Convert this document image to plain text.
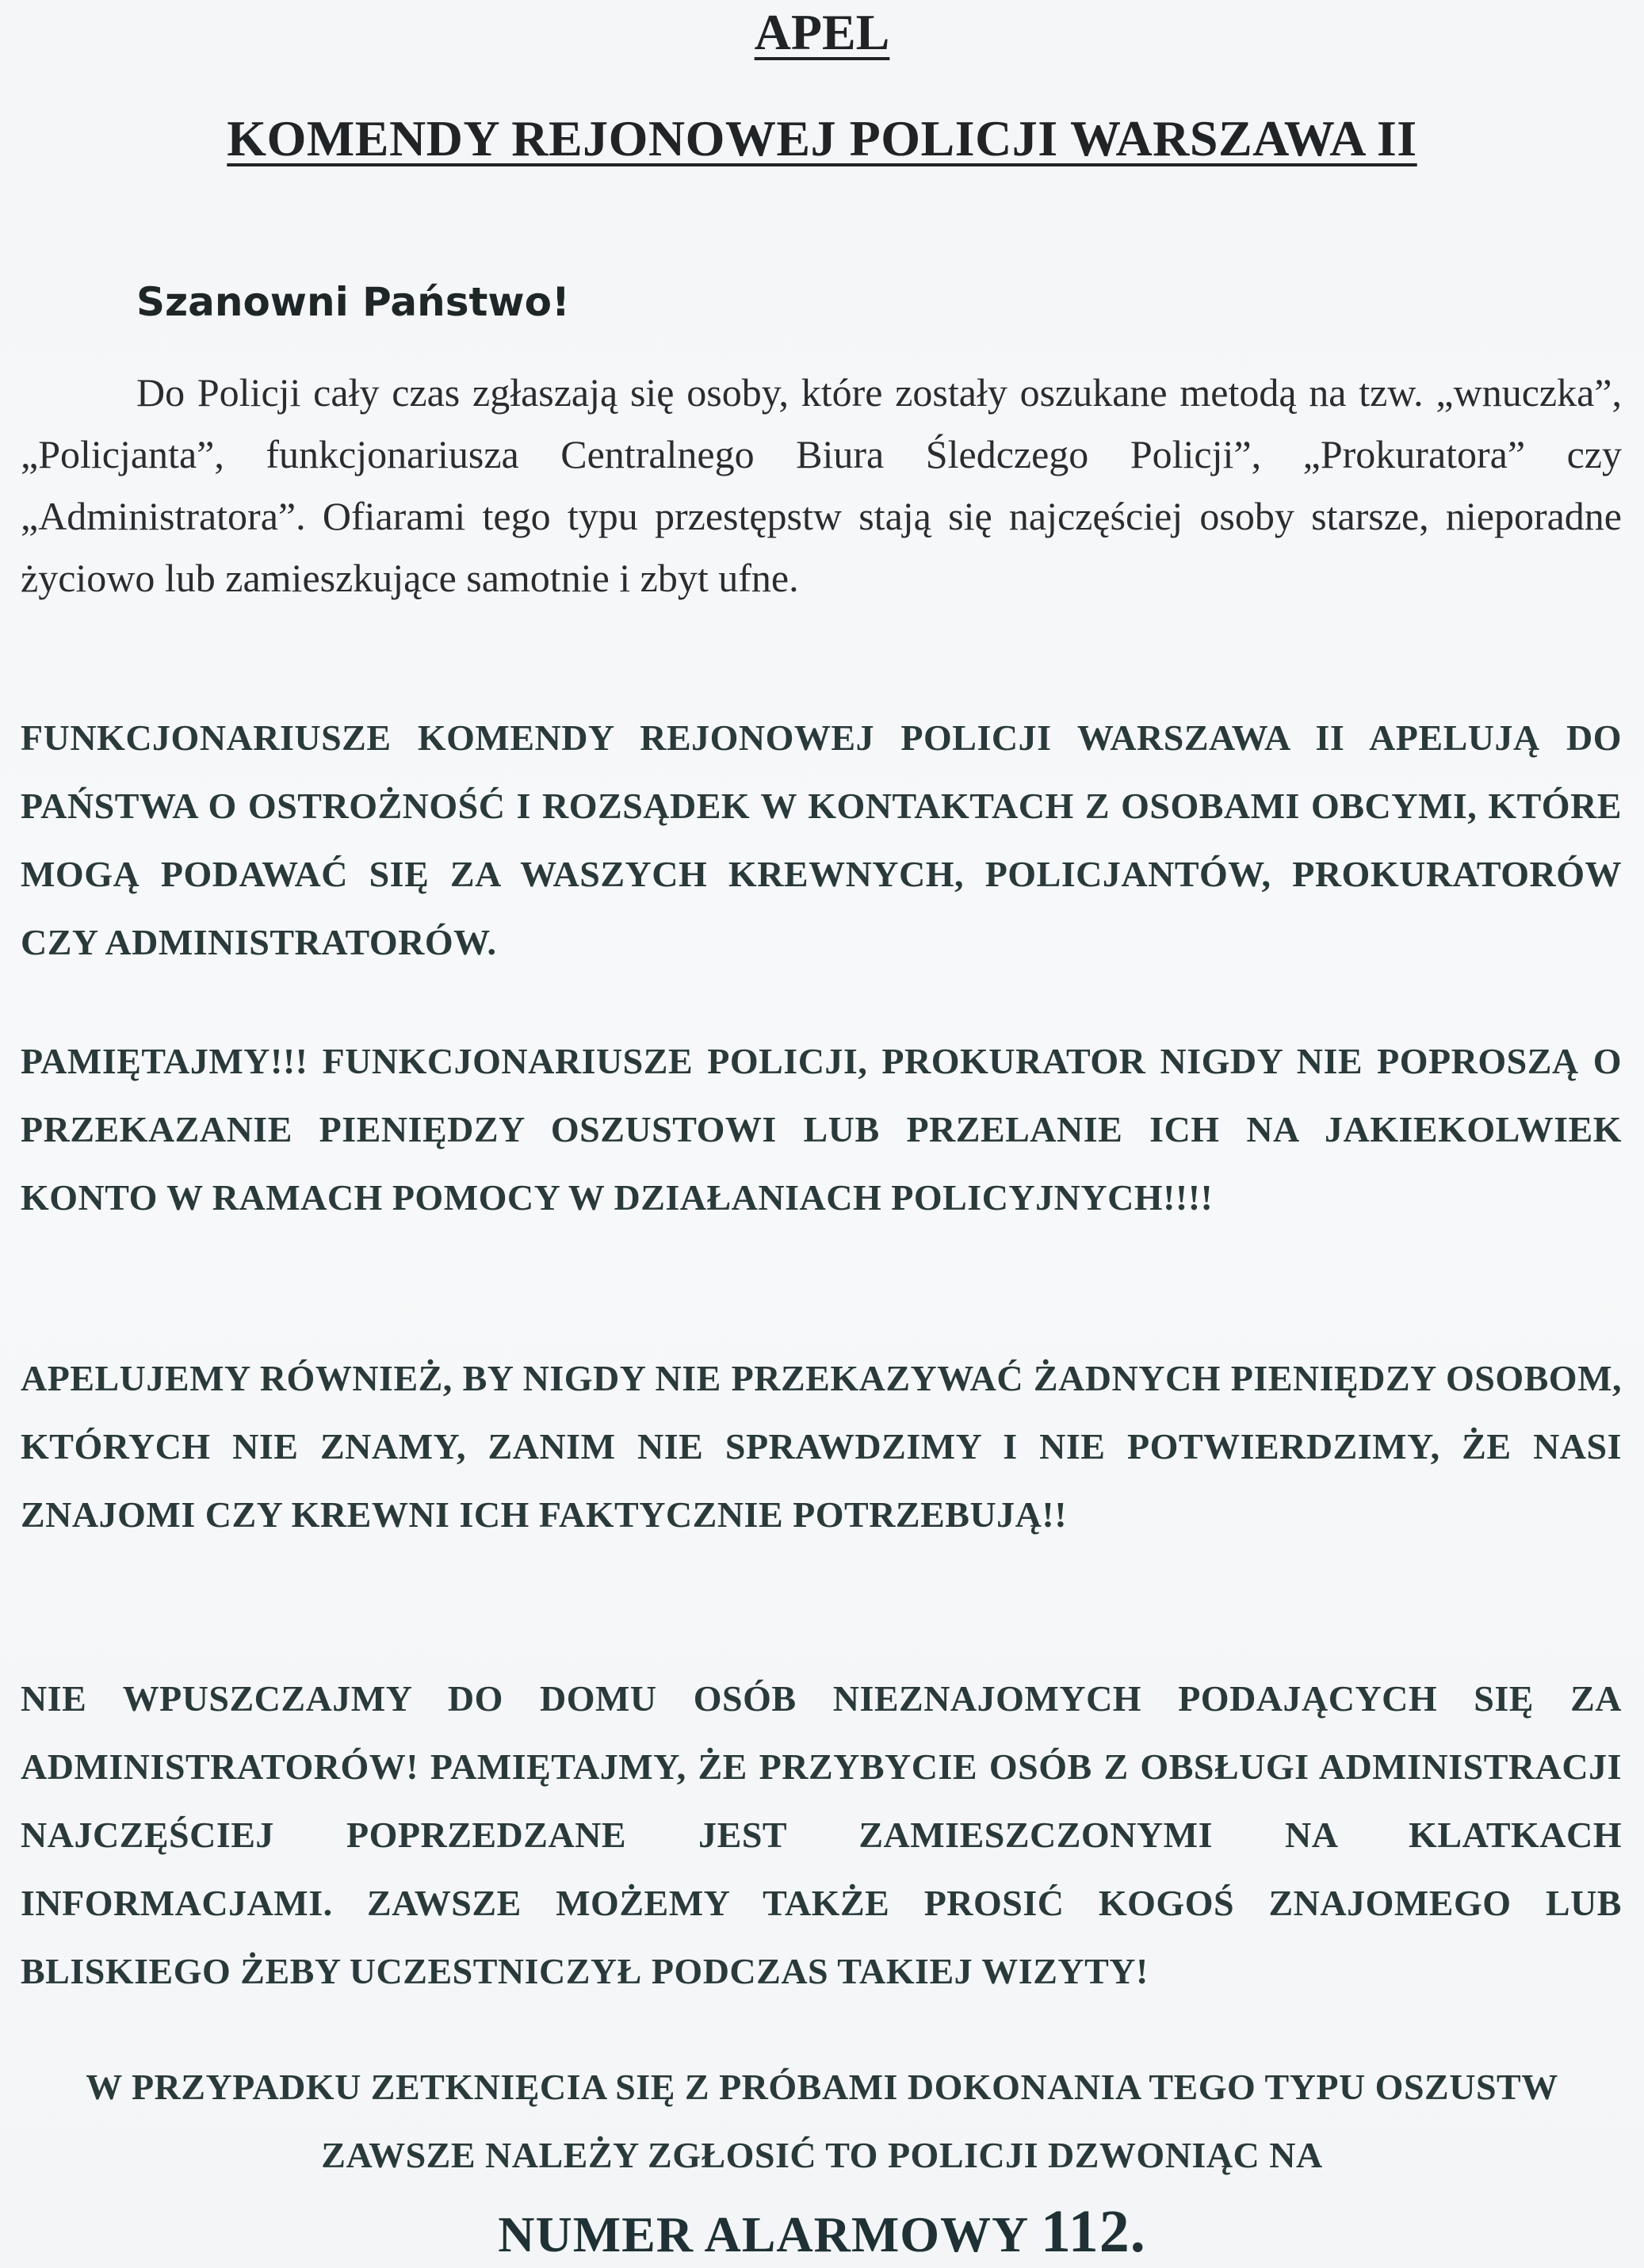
APEL
KOMENDY REJONOWEJ POLICJI WARSZAWA II
Szanowni Państwo!
Do Policji cały czas zgłaszają się osoby, które zostały oszukane metodą na tzw. „wnuczka”, „Policjanta”, funkcjonariusza Centralnego Biura Śledczego Policji”, „Prokuratora” czy „Administratora”. Ofiarami tego typu przestępstw stają się najczęściej osoby starsze, nieporadne życiowo lub zamieszkujące samotnie i zbyt ufne.
FUNKCJONARIUSZE KOMENDY REJONOWEJ POLICJI WARSZAWA II APELUJĄ DO PAŃSTWA O OSTROŻNOŚĆ I ROZSĄDEK W KONTAKTACH Z OSOBAMI OBCYMI, KTÓRE MOGĄ PODAWAĆ SIĘ ZA WASZYCH KREWNYCH, POLICJANTÓW, PROKURATORÓW CZY ADMINISTRATORÓW.
PAMIĘTAJMY!!! FUNKCJONARIUSZE POLICJI, PROKURATOR NIGDY NIE POPROSZĄ O PRZEKAZANIE PIENIĘDZY OSZUSTOWI LUB PRZELANIE ICH NA JAKIEKOLWIEK KONTO W RAMACH POMOCY W DZIAŁANIACH POLICYJNYCH!!!!
APELUJEMY RÓWNIEŻ, BY NIGDY NIE PRZEKAZYWAĆ ŻADNYCH PIENIĘDZY OSOBOM, KTÓRYCH NIE ZNAMY, ZANIM NIE SPRAWDZIMY I NIE POTWIERDZIMY, ŻE NASI ZNAJOMI CZY KREWNI ICH FAKTYCZNIE POTRZEBUJĄ!!
NIE WPUSZCZAJMY DO DOMU OSÓB NIEZNAJOMYCH PODAJĄCYCH SIĘ ZA ADMINISTRATORÓW! PAMIĘTAJMY, ŻE PRZYBYCIE OSÓB Z OBSŁUGI ADMINISTRACJI NAJCZĘŚCIEJ POPRZEDZANE JEST ZAMIESZCZONYMI NA KLATKACH INFORMACJAMI. ZAWSZE MOŻEMY TAKŻE PROSIĆ KOGOŚ ZNAJOMEGO LUB BLISKIEGO ŻEBY UCZESTNICZYŁ PODCZAS TAKIEJ WIZYTY!
W PRZYPADKU ZETKNIĘCIA SIĘ Z PRÓBAMI DOKONANIA TEGO TYPU OSZUSTW
ZAWSZE NALEŻY ZGŁOSIĆ TO POLICJI DZWONIĄC NA
NUMER ALARMOWY 112.
